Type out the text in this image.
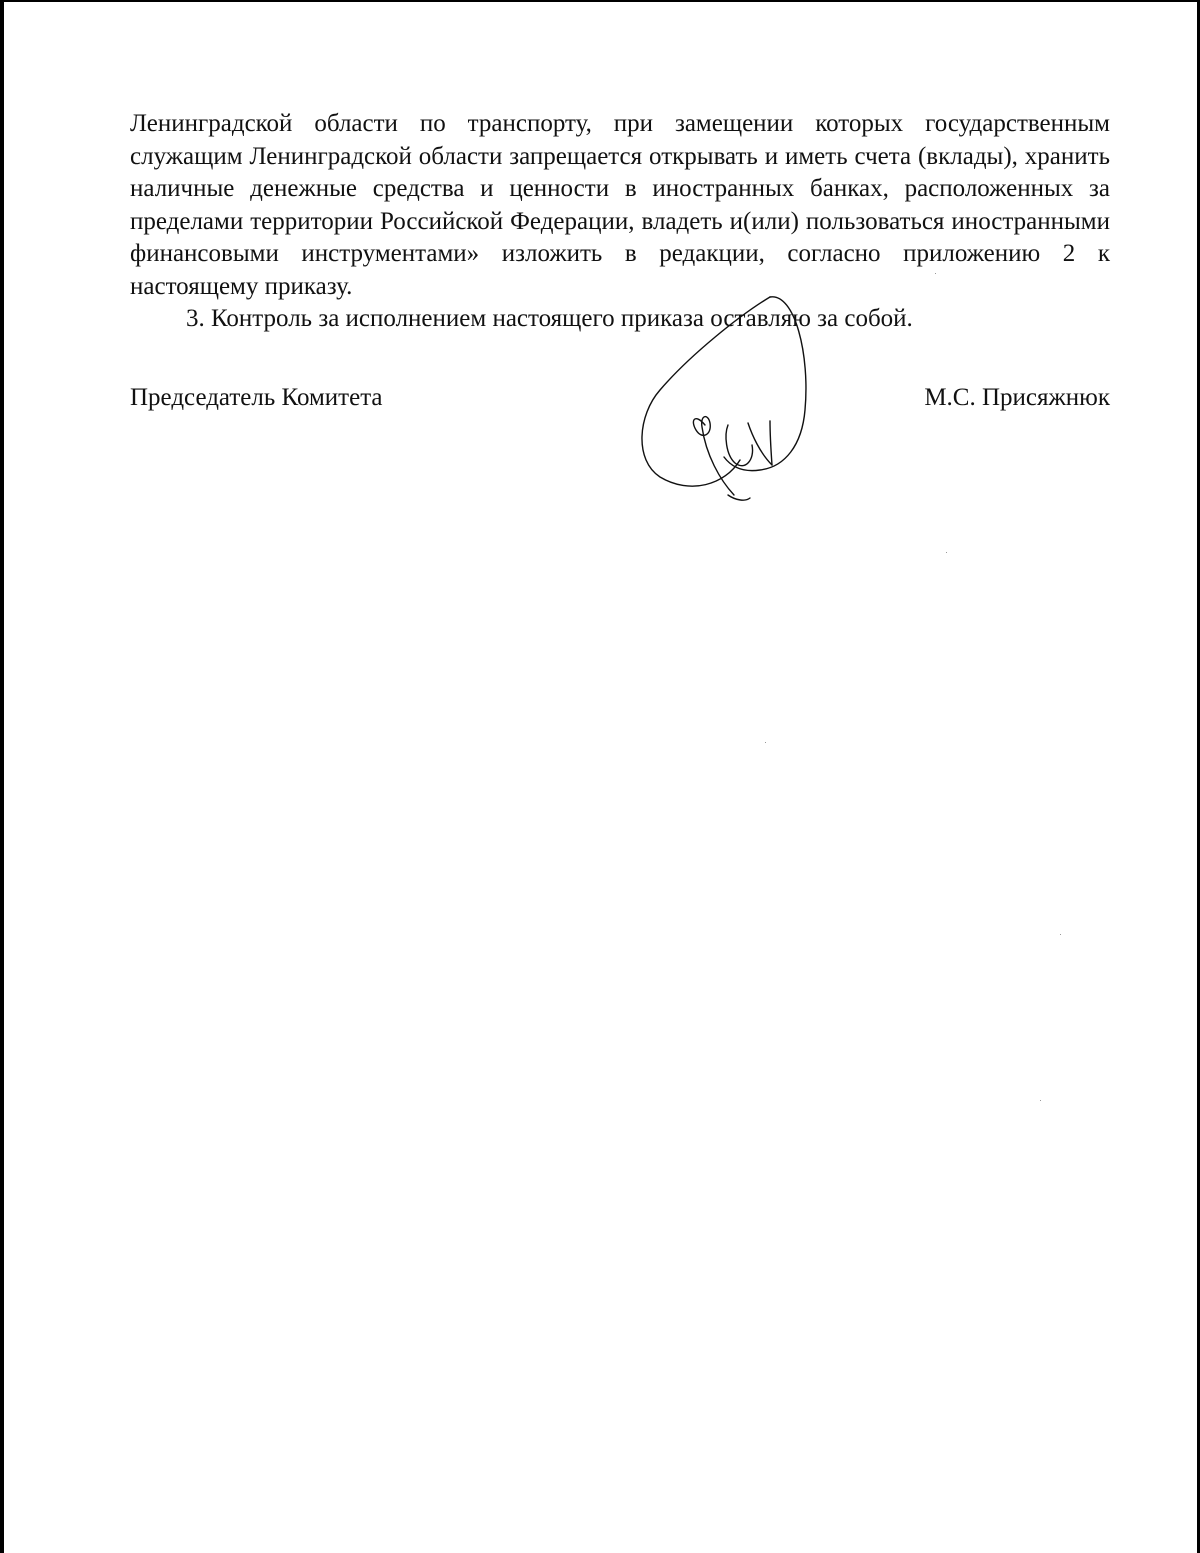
Ленинградской области по транспорту, при замещении которых государственным служащим Ленинградской области запрещается открывать и иметь счета (вклады), хранить наличные денежные средства и ценности в иностранных банках, расположенных за пределами территории Российской Федерации, владеть и(или) пользоваться иностранными финансовыми инструментами» изложить в редакции, согласно приложению 2 к настоящему приказу.

3. Контроль за исполнением настоящего приказа оставляю за собой.

Председатель Комитета	М.С. Присяжнюк
